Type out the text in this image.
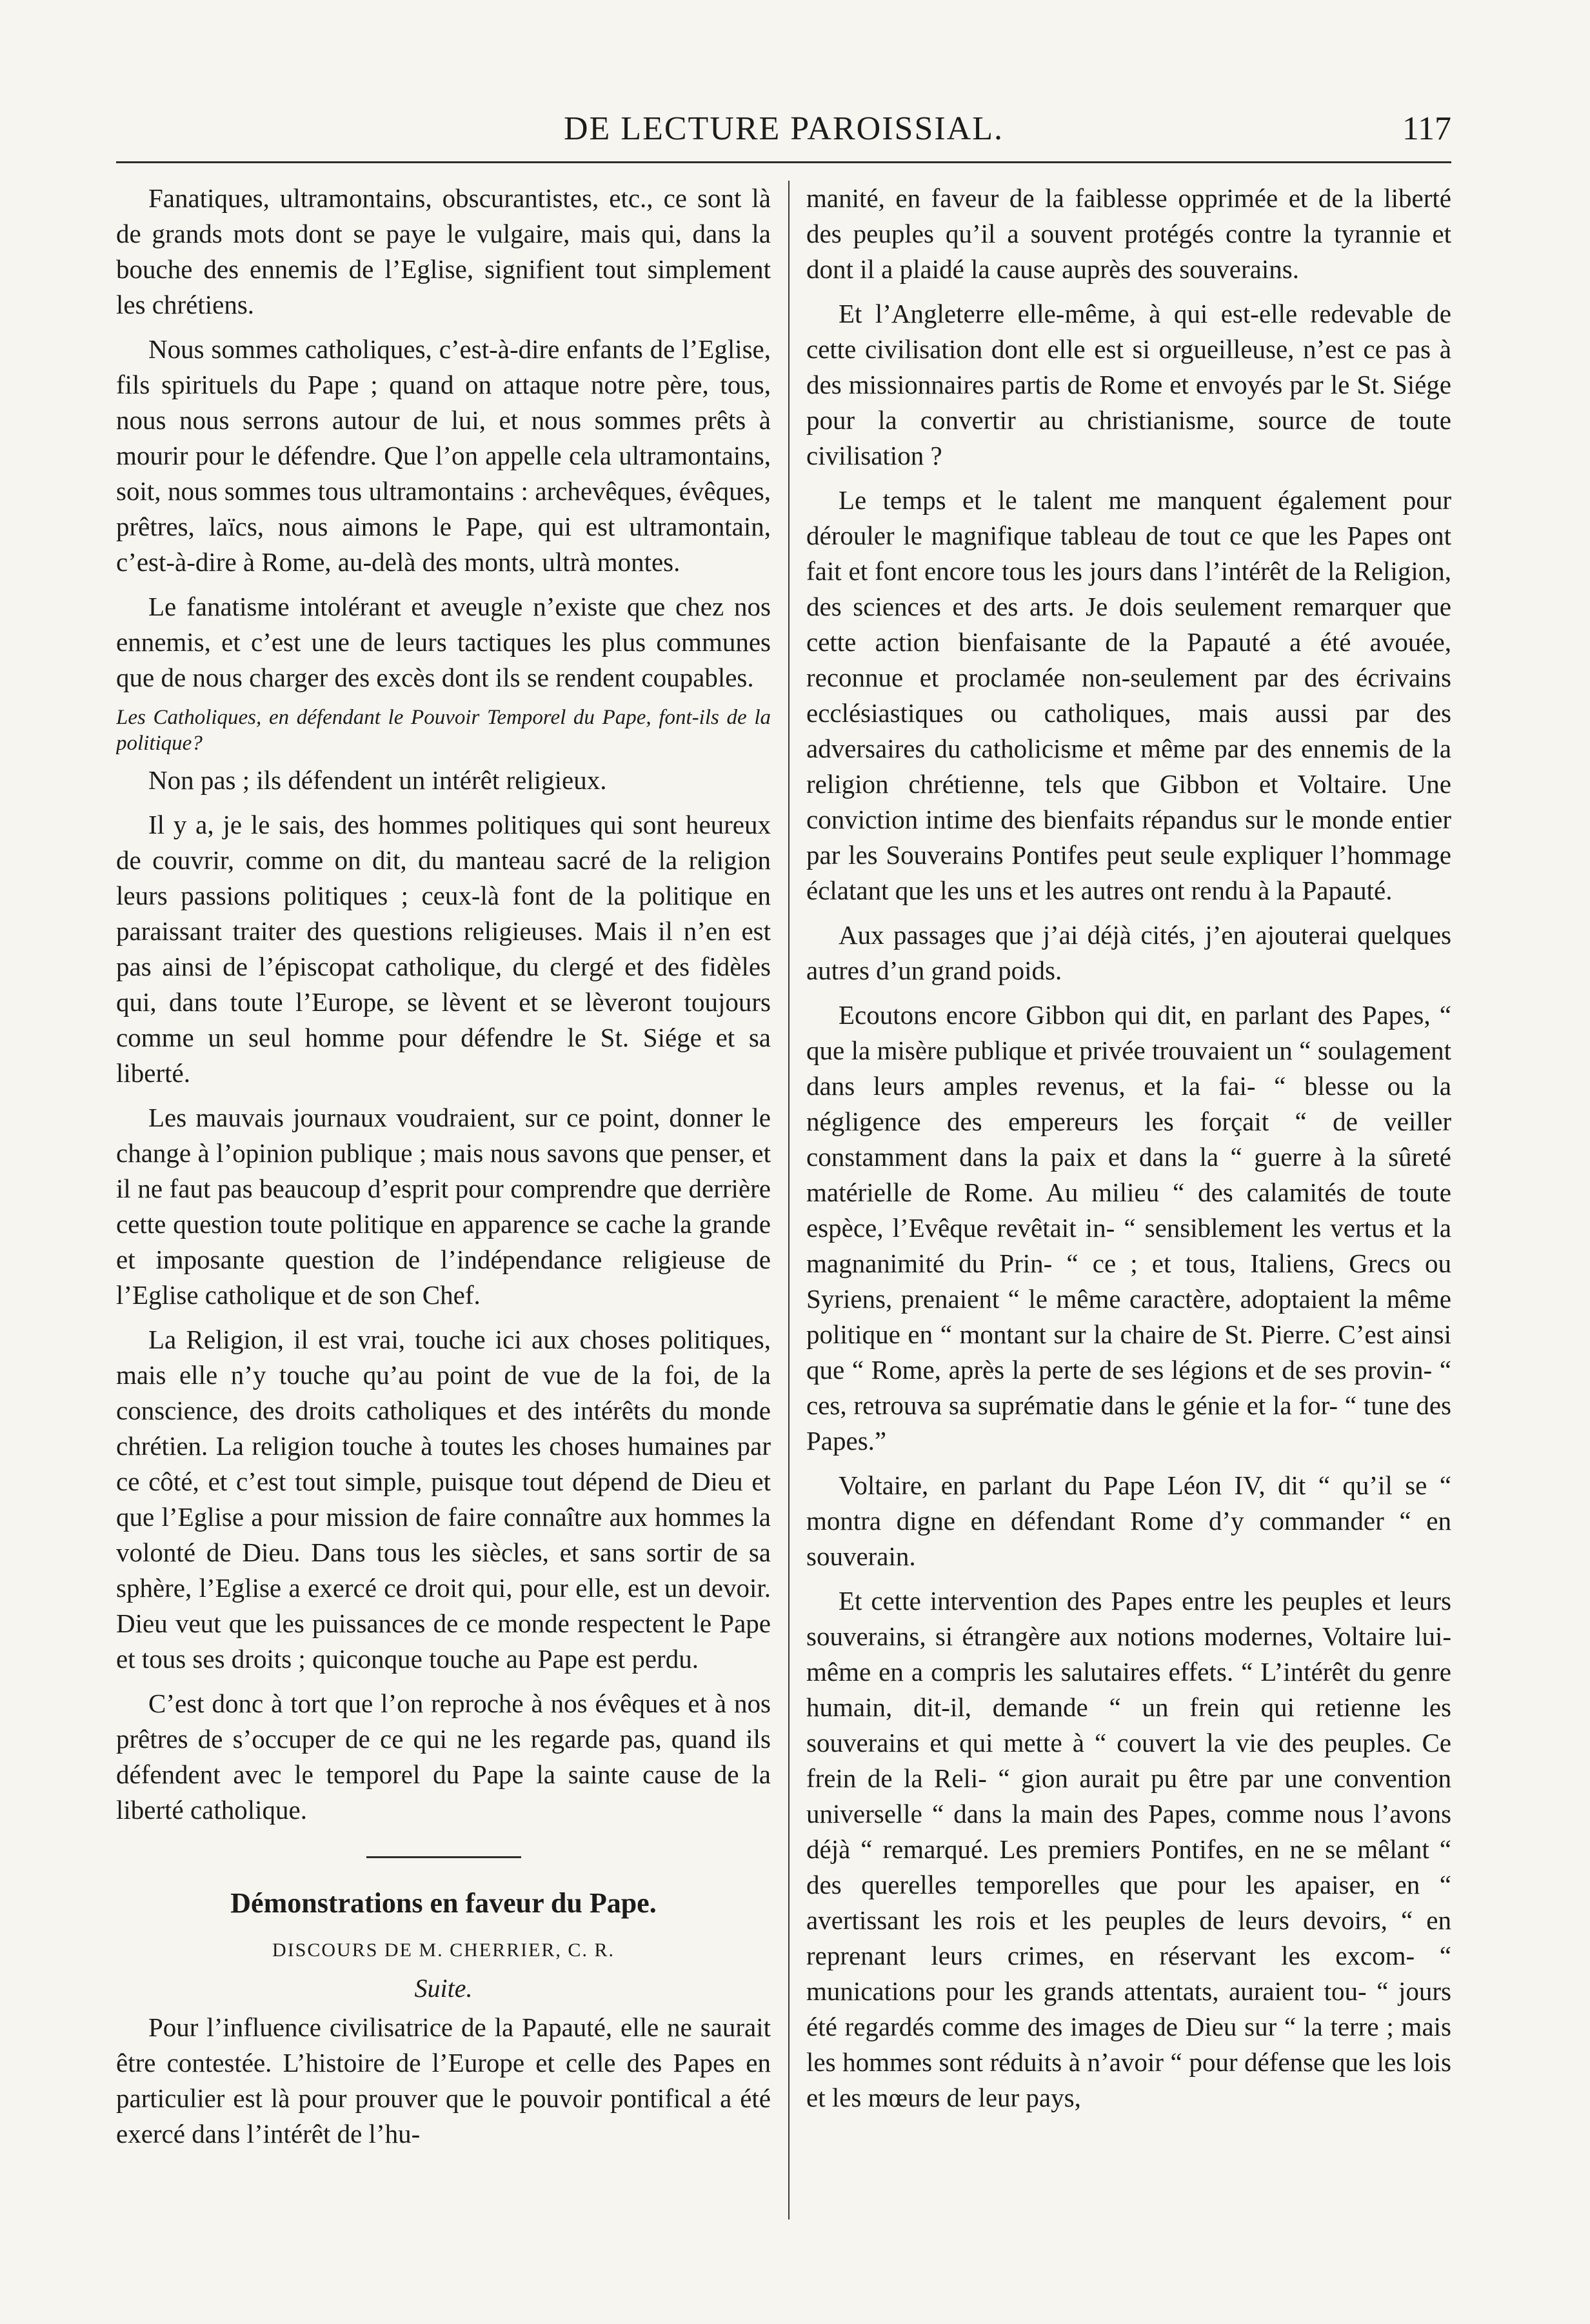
DE LECTURE PAROISSIAL.	117

Fanatiques, ultramontains, obscurantistes, etc., ce sont là de grands mots dont se paye le vulgaire, mais qui, dans la bouche des ennemis de l’Eglise, signifient tout simplement les chrétiens.

Nous sommes catholiques, c’est-à-dire enfants de l’Eglise, fils spirituels du Pape ; quand on attaque notre père, tous, nous nous serrons autour de lui, et nous sommes prêts à mourir pour le défendre. Que l’on appelle cela ultramontains, soit, nous sommes tous ultramontains : archevêques, évêques, prêtres, laïcs, nous aimons le Pape, qui est ultramontain, c’est-à-dire à Rome, au-delà des monts, ultrà montes.

Le fanatisme intolérant et aveugle n’existe que chez nos ennemis, et c’est une de leurs tactiques les plus communes que de nous charger des excès dont ils se rendent coupables.

Les Catholiques, en défendant le Pouvoir Temporel du Pape, font-ils de la politique?

Non pas ; ils défendent un intérêt religieux.

Il y a, je le sais, des hommes politiques qui sont heureux de couvrir, comme on dit, du manteau sacré de la religion leurs passions politiques ; ceux-là font de la politique en paraissant traiter des questions religieuses. Mais il n’en est pas ainsi de l’épiscopat catholique, du clergé et des fidèles qui, dans toute l’Europe, se lèvent et se lèveront toujours comme un seul homme pour défendre le St. Siége et sa liberté.

Les mauvais journaux voudraient, sur ce point, donner le change à l’opinion publique ; mais nous savons que penser, et il ne faut pas beaucoup d’esprit pour comprendre que derrière cette question toute politique en apparence se cache la grande et imposante question de l’indépendance religieuse de l’Eglise catholique et de son Chef.

La Religion, il est vrai, touche ici aux choses politiques, mais elle n’y touche qu’au point de vue de la foi, de la conscience, des droits catholiques et des intérêts du monde chrétien. La religion touche à toutes les choses humaines par ce côté, et c’est tout simple, puisque tout dépend de Dieu et que l’Eglise a pour mission de faire connaître aux hommes la volonté de Dieu. Dans tous les siècles, et sans sortir de sa sphère, l’Eglise a exercé ce droit qui, pour elle, est un devoir. Dieu veut que les puissances de ce monde respectent le Pape et tous ses droits ; quiconque touche au Pape est perdu.

C’est donc à tort que l’on reproche à nos évêques et à nos prêtres de s’occuper de ce qui ne les regarde pas, quand ils défendent avec le temporel du Pape la sainte cause de la liberté catholique.

Démonstrations en faveur du Pape.
DISCOURS DE M. CHERRIER, C. R.
Suite.

Pour l’influence civilisatrice de la Papauté, elle ne saurait être contestée. L’histoire de l’Europe et celle des Papes en particulier est là pour prouver que le pouvoir pontifical a été exercé dans l’intérêt de l’hu-

manité, en faveur de la faiblesse opprimée et de la liberté des peuples qu’il a souvent protégés contre la tyrannie et dont il a plaidé la cause auprès des souverains.

Et l’Angleterre elle-même, à qui est-elle redevable de cette civilisation dont elle est si orgueilleuse, n’est ce pas à des missionnaires partis de Rome et envoyés par le St. Siége pour la convertir au christianisme, source de toute civilisation ?

Le temps et le talent me manquent également pour dérouler le magnifique tableau de tout ce que les Papes ont fait et font encore tous les jours dans l’intérêt de la Religion, des sciences et des arts. Je dois seulement remarquer que cette action bienfaisante de la Papauté a été avouée, reconnue et proclamée non-seulement par des écrivains ecclésiastiques ou catholiques, mais aussi par des adversaires du catholicisme et même par des ennemis de la religion chrétienne, tels que Gibbon et Voltaire. Une conviction intime des bienfaits répandus sur le monde entier par les Souverains Pontifes peut seule expliquer l’hommage éclatant que les uns et les autres ont rendu à la Papauté.

Aux passages que j’ai déjà cités, j’en ajouterai quelques autres d’un grand poids.

Ecoutons encore Gibbon qui dit, en parlant des Papes, “ que la misère publique et privée trouvaient un “ soulagement dans leurs amples revenus, et la fai- “ blesse ou la négligence des empereurs les forçait “ de veiller constamment dans la paix et dans la “ guerre à la sûreté matérielle de Rome. Au milieu “ des calamités de toute espèce, l’Evêque revêtait in- “ sensiblement les vertus et la magnanimité du Prin- “ ce ; et tous, Italiens, Grecs ou Syriens, prenaient “ le même caractère, adoptaient la même politique en “ montant sur la chaire de St. Pierre. C’est ainsi que “ Rome, après la perte de ses légions et de ses provin- “ ces, retrouva sa suprématie dans le génie et la for- “ tune des Papes.”

Voltaire, en parlant du Pape Léon IV, dit “ qu’il se “ montra digne en défendant Rome d’y commander “ en souverain.

Et cette intervention des Papes entre les peuples et leurs souverains, si étrangère aux notions modernes, Voltaire lui-même en a compris les salutaires effets. “ L’intérêt du genre humain, dit-il, demande “ un frein qui retienne les souverains et qui mette à “ couvert la vie des peuples. Ce frein de la Reli- “ gion aurait pu être par une convention universelle “ dans la main des Papes, comme nous l’avons déjà “ remarqué. Les premiers Pontifes, en ne se mêlant “ des querelles temporelles que pour les apaiser, en “ avertissant les rois et les peuples de leurs devoirs, “ en reprenant leurs crimes, en réservant les excom- “ munications pour les grands attentats, auraient tou- “ jours été regardés comme des images de Dieu sur “ la terre ; mais les hommes sont réduits à n’avoir “ pour défense que les lois et les mœurs de leur pays,
